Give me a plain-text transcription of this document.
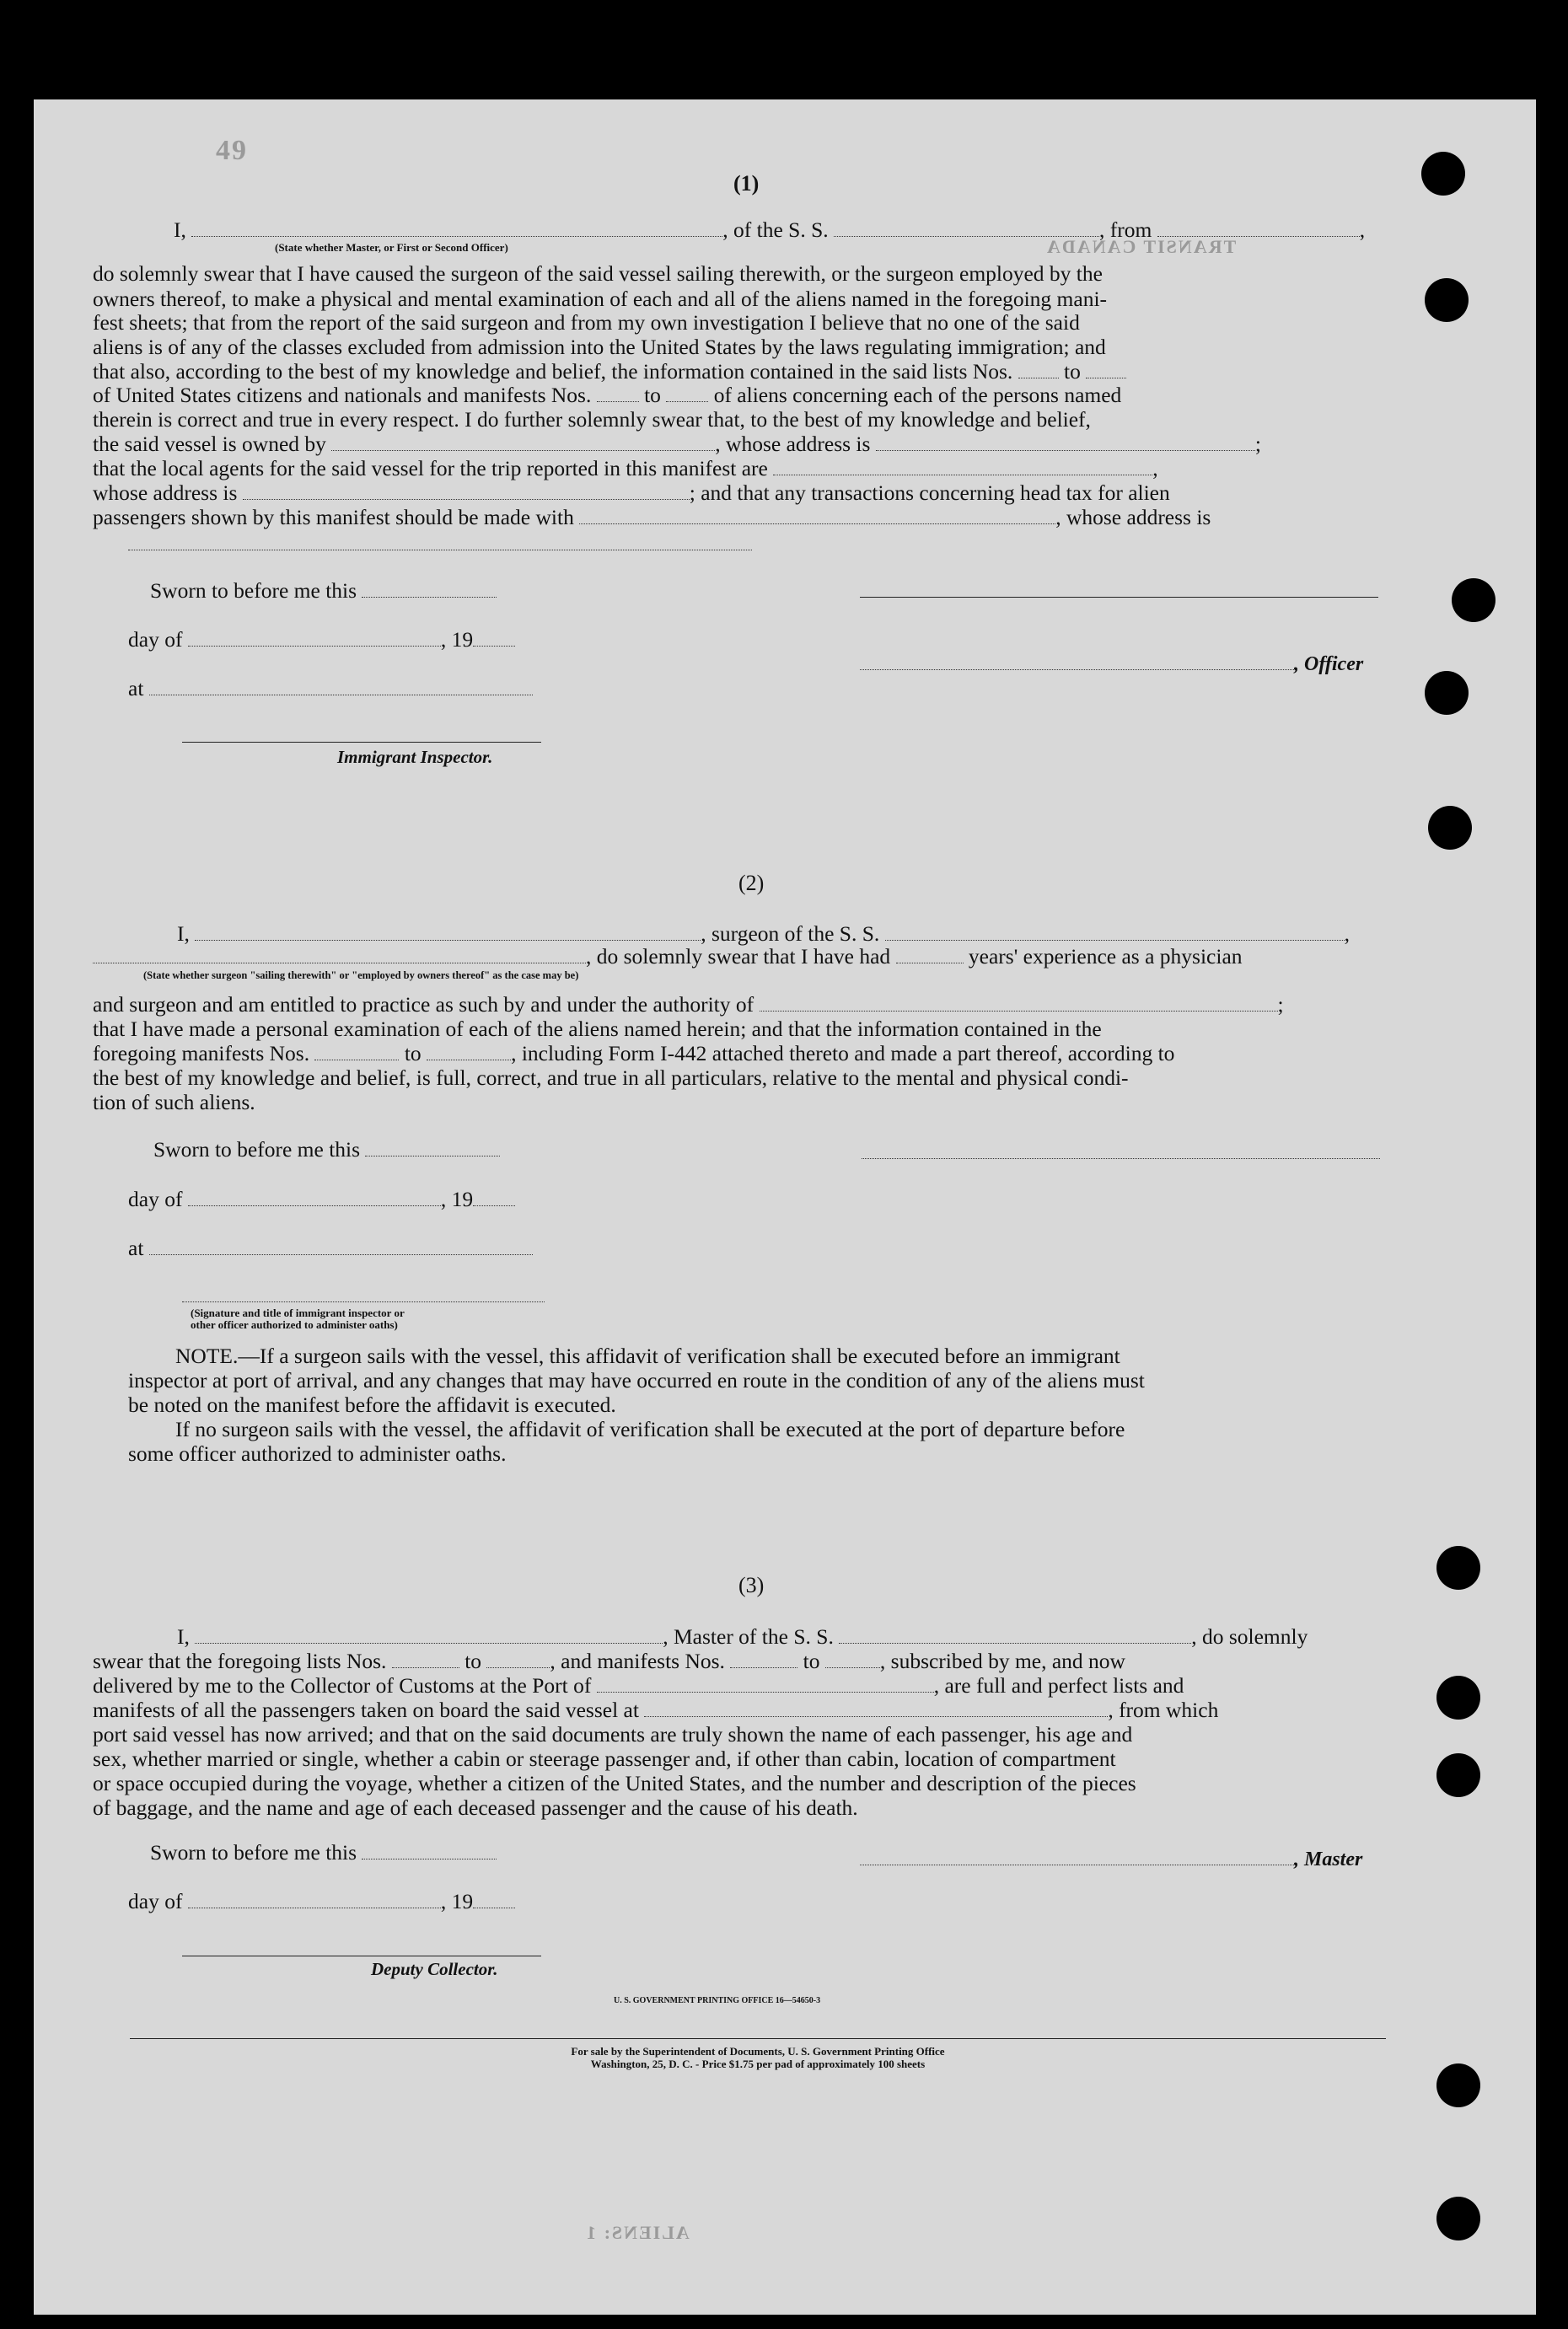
49
TRANSIT CANADA
ALIENS: 1
(1)
I,	, of the S. S.	, from	,
(State whether Master, or First or Second Officer)
do solemnly swear that I have caused the surgeon of the said vessel sailing therewith, or the surgeon employed by the
owners thereof, to make a physical and mental examination of each and all of the aliens named in the foregoing mani-
fest sheets; that from the report of the said surgeon and from my own investigation I believe that no one of the said
aliens is of any of the classes excluded from admission into the United States by the laws regulating immigration; and
that also, according to the best of my knowledge and belief, the information contained in the said lists Nos. to
of United States citizens and nationals and manifests Nos. to of aliens concerning each of the persons named
therein is correct and true in every respect. I do further solemnly swear that, to the best of my knowledge and belief,
the said vessel is owned by	, whose address is	;
that the local agents for the said vessel for the trip reported in this manifest are	,
whose address is	; and that any transactions concerning head tax for alien
passengers shown by this manifest should be made with	, whose address is
Sworn to before me this
day of	, 19
, Officer
at
Immigrant Inspector.
(2)
I,	, surgeon of the S. S.	,
, do solemnly swear that I have had	years' experience as a physician
(State whether surgeon "sailing therewith" or "employed by owners thereof" as the case may be)
and surgeon and am entitled to practice as such by and under the authority of	;
that I have made a personal examination of each of the aliens named herein; and that the information contained in the
foregoing manifests Nos.	to	, including Form I-442 attached thereto and made a part thereof, according to
the best of my knowledge and belief, is full, correct, and true in all particulars, relative to the mental and physical condi-
tion of such aliens.
Sworn to before me this
day of	, 19
at
(Signature and title of immigrant inspector or
other officer authorized to administer oaths)
NOTE.—If a surgeon sails with the vessel, this affidavit of verification shall be executed before an immigrant
inspector at port of arrival, and any changes that may have occurred en route in the condition of any of the aliens must
be noted on the manifest before the affidavit is executed.
If no surgeon sails with the vessel, the affidavit of verification shall be executed at the port of departure before
some officer authorized to administer oaths.
(3)
I,	, Master of the S. S.	, do solemnly
swear that the foregoing lists Nos.	to	, and manifests Nos.	to	, subscribed by me, and now
delivered by me to the Collector of Customs at the Port of	, are full and perfect lists and
manifests of all the passengers taken on board the said vessel at	, from which
port said vessel has now arrived; and that on the said documents are truly shown the name of each passenger, his age and
sex, whether married or single, whether a cabin or steerage passenger and, if other than cabin, location of compartment
or space occupied during the voyage, whether a citizen of the United States, and the number and description of the pieces
of baggage, and the name and age of each deceased passenger and the cause of his death.
Sworn to before me this	, Master
day of	, 19
Deputy Collector.
U. S. GOVERNMENT PRINTING OFFICE 16—54650-3
For sale by the Superintendent of Documents, U. S. Government Printing Office
Washington, 25, D. C. - Price $1.75 per pad of approximately 100 sheets
